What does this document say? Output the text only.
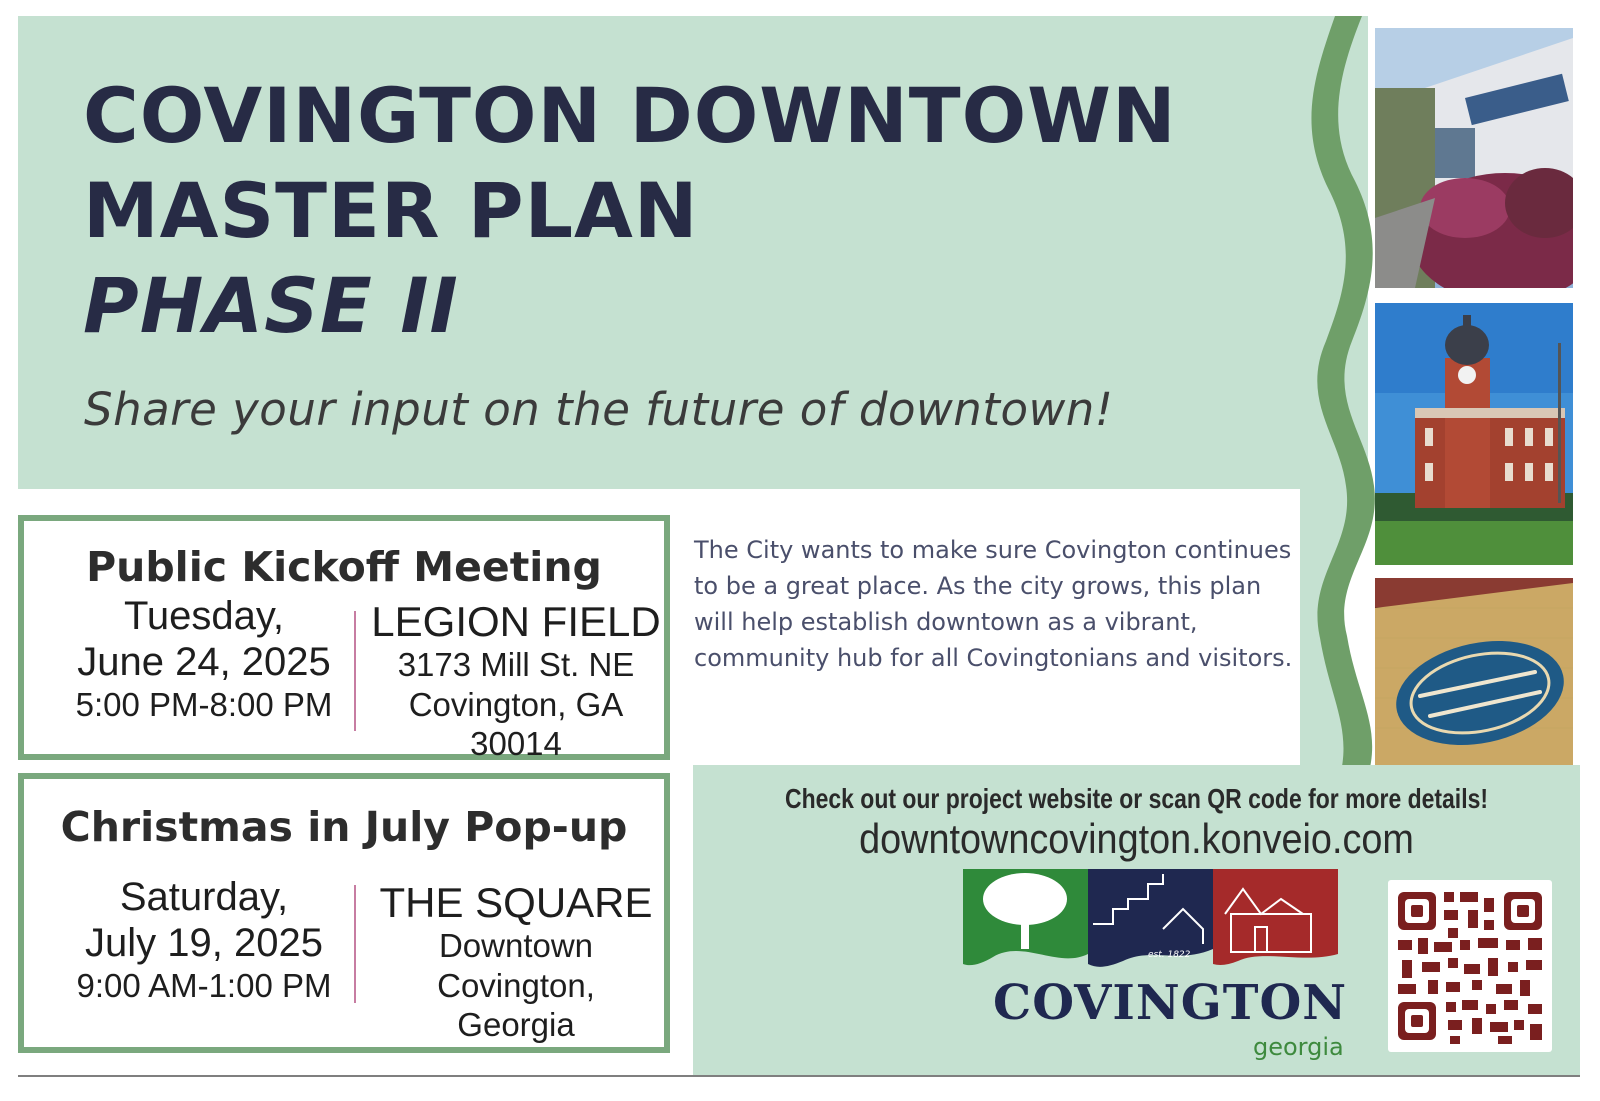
COVINGTON DOWNTOWN
MASTER PLAN
PHASE II
Share your input on the future of downtown!
Public Kickoff Meeting
Tuesday,
June 24, 2025
5:00 PM-8:00 PM
LEGION FIELD
3173 Mill St. NE
Covington, GA 30014
Christmas in July Pop-up
Saturday,
July 19, 2025
9:00 AM-1:00 PM
THE SQUARE
Downtown Covington,
Georgia
The City wants to make sure Covington continues to be a great place. As the city grows, this plan will help establish downtown as a vibrant, community hub for all Covingtonians and visitors.
Check out our project website or scan QR code for more details!
downtowncovington.konveio.com
est. 1822
COVINGTON
georgia
